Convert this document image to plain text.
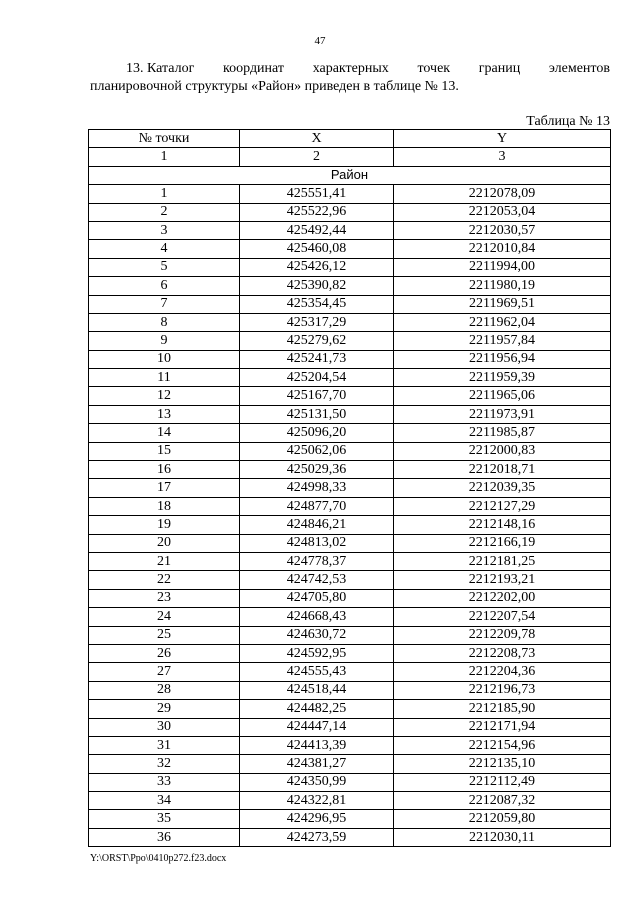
47
13. Каталог координат характерных точек границ элементов
планировочной структуры «Район» приведен в таблице № 13.
Таблица № 13
№ точки	X	Y
1	2	3
Район		
1	425551,41	2212078,09
2	425522,96	2212053,04
3	425492,44	2212030,57
4	425460,08	2212010,84
5	425426,12	2211994,00
6	425390,82	2211980,19
7	425354,45	2211969,51
8	425317,29	2211962,04
9	425279,62	2211957,84
10	425241,73	2211956,94
11	425204,54	2211959,39
12	425167,70	2211965,06
13	425131,50	2211973,91
14	425096,20	2211985,87
15	425062,06	2212000,83
16	425029,36	2212018,71
17	424998,33	2212039,35
18	424877,70	2212127,29
19	424846,21	2212148,16
20	424813,02	2212166,19
21	424778,37	2212181,25
22	424742,53	2212193,21
23	424705,80	2212202,00
24	424668,43	2212207,54
25	424630,72	2212209,78
26	424592,95	2212208,73
27	424555,43	2212204,36
28	424518,44	2212196,73
29	424482,25	2212185,90
30	424447,14	2212171,94
31	424413,39	2212154,96
32	424381,27	2212135,10
33	424350,99	2212112,49
34	424322,81	2212087,32
35	424296,95	2212059,80
36	424273,59	2212030,11
Y:\ORST\Ppo\0410p272.f23.docx
